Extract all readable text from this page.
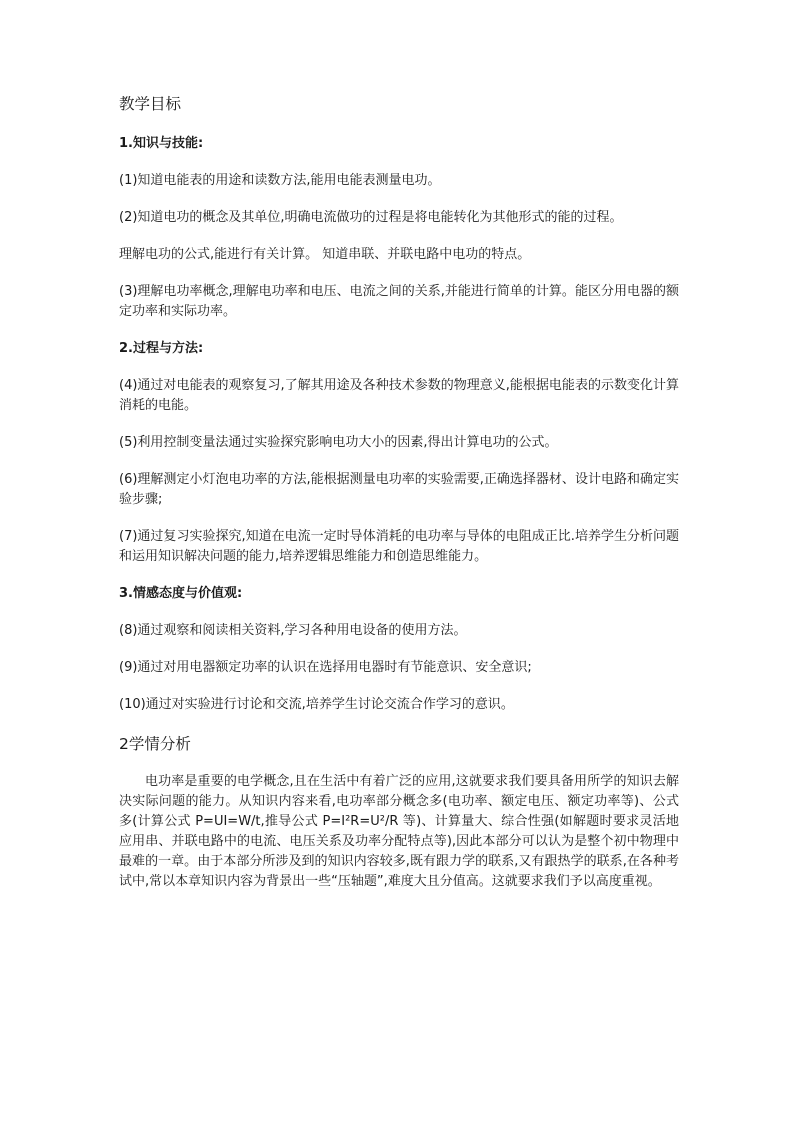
教学目标
1.知识与技能:

(1)知道电能表的用途和读数方法,能用电能表测量电功。

(2)知道电功的概念及其单位,明确电流做功的过程是将电能转化为其他形式的能的过程。

理解电功的公式,能进行有关计算。 知道串联、并联电路中电功的特点。

(3)理解电功率概念,理解电功率和电压、电流之间的关系,并能进行简单的计算。能区分用电器的额定功率和实际功率。

2.过程与方法:

(4)通过对电能表的观察复习,了解其用途及各种技术参数的物理意义,能根据电能表的示数变化计算消耗的电能。

(5)利用控制变量法通过实验探究影响电功大小的因素,得出计算电功的公式。

(6)理解测定小灯泡电功率的方法,能根据测量电功率的实验需要,正确选择器材、设计电路和确定实验步骤;

(7)通过复习实验探究,知道在电流一定时导体消耗的电功率与导体的电阻成正比.培养学生分析问题和运用知识解决问题的能力,培养逻辑思维能力和创造思维能力。

3.情感态度与价值观:

(8)通过观察和阅读相关资料,学习各种用电设备的使用方法。

(9)通过对用电器额定功率的认识在选择用电器时有节能意识、安全意识;

(10)通过对实验进行讨论和交流,培养学生讨论交流合作学习的意识。

2学情分析

电功率是重要的电学概念,且在生活中有着广泛的应用,这就要求我们要具备用所学的知识去解决实际问题的能力。从知识内容来看,电功率部分概念多(电功率、额定电压、额定功率等)、公式多(计算公式 P=UI=W/t,推导公式 P=I²R=U²/R 等)、计算量大、综合性强(如解题时要求灵活地应用串、并联电路中的电流、电压关系及功率分配特点等),因此本部分可以认为是整个初中物理中最难的一章。由于本部分所涉及到的知识内容较多,既有跟力学的联系,又有跟热学的联系,在各种考试中,常以本章知识内容为背景出一些“压轴题”,难度大且分值高。这就要求我们予以高度重视。
